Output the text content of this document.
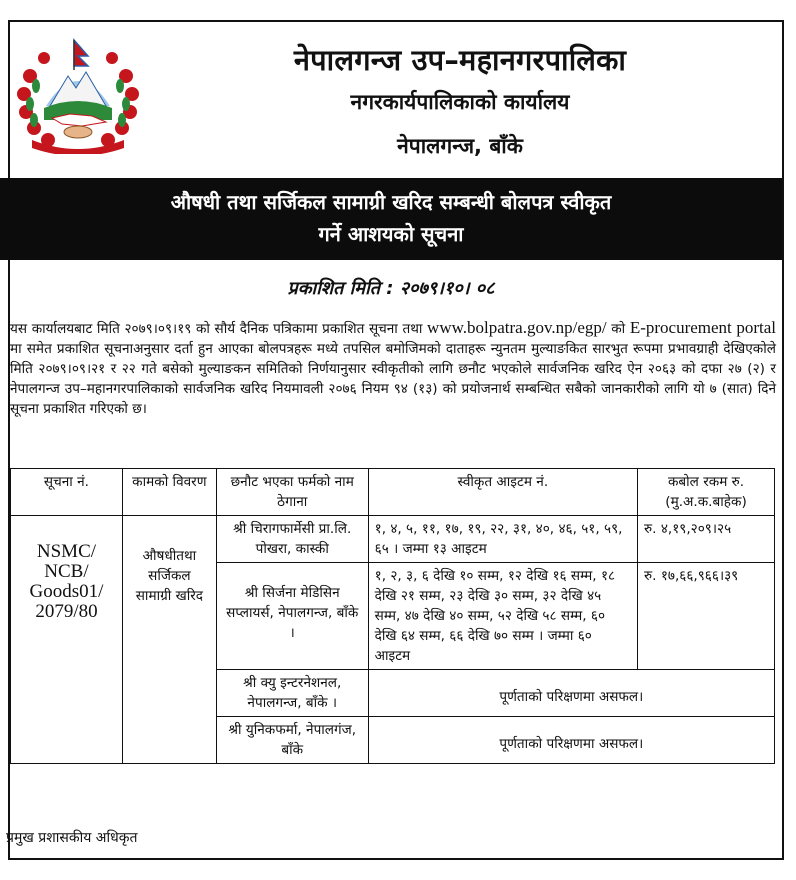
नेपालगन्ज उप–महानगरपालिका
नगरकार्यपालिकाको कार्यालय
नेपालगन्ज, बाँके
औषधी तथा सर्जिकल सामाग्री खरिद सम्बन्धी बोलपत्र स्वीकृत
गर्ने आशयको सूचना
प्रकाशित मिति : २०७९।१०। ०८
यस कार्यालयबाट मिति २०७९।०९।१९ को सौर्य दैनिक पत्रिकामा प्रकाशित सूचना तथा www.bolpatra.gov.np/egp/ को E-procurement portal मा समेत प्रकाशित सूचनाअनुसार दर्ता हुन आएका बोलपत्रहरू मध्ये तपसिल बमोजिमको दाताहरू न्युनतम मुल्याङकित सारभुत रूपमा प्रभावग्राही देखिएकोले मिति २०७९।०९।२१ र २२ गते बसेको मुल्याङकन समितिको निर्णयानुसार स्वीकृतीको लागि छनौट भएकोले सार्वजनिक खरिद ऐन २०६३ को दफा २७ (२) र नेपालगन्ज उप–महानगरपालिकाको सार्वजनिक खरिद नियमावली २०७६ नियम ९४ (१३) को प्रयोजनार्थ सम्बन्धित सबैको जानकारीको लागि यो ७ (सात) दिने सूचना प्रकाशित गरिएको छ।
सूचना नं.	कामको विवरण	छनौट भएका फर्मको नाम ठेगाना	स्वीकृत आइटम नं.	कबोल रकम रु. (मु.अ.क.बाहेक)

NSMC/
NCB/
Goods01/
2079/80	औषधीतथा सर्जिकल सामाग्री खरिद	श्री चिरागफार्मेसी प्रा.लि. पोखरा, कास्की	१, ४, ५, ११, १७, १९, २२, ३१, ४०, ४६, ५१, ५९, ६५ । जम्मा १३ आइटम	रु. ४,१९,२०९।२५
		श्री सिर्जना मेडिसिन सप्लायर्स, नेपालगन्ज, बाँके ।	१, २, ३, ६ देखि १० सम्म, १२ देखि १६ सम्म, १८ देखि २१ सम्म, २३ देखि ३० सम्म, ३२ देखि ४५ सम्म, ४७ देखि ४० सम्म, ५२ देखि ५८ सम्म, ६० देखि ६४ सम्म, ६६ देखि ७० सम्म । जम्मा ६० आइटम	रु. १७,६६,९६६।३९
		श्री क्यु इन्टरनेशनल, नेपालगन्ज, बाँके ।	पूर्णताको परिक्षणमा असफल।	
		श्री युनिकफर्मा, नेपालगंज, बाँके	पूर्णताको परिक्षणमा असफल।	
प्रमुख प्रशासकीय अधिकृत
